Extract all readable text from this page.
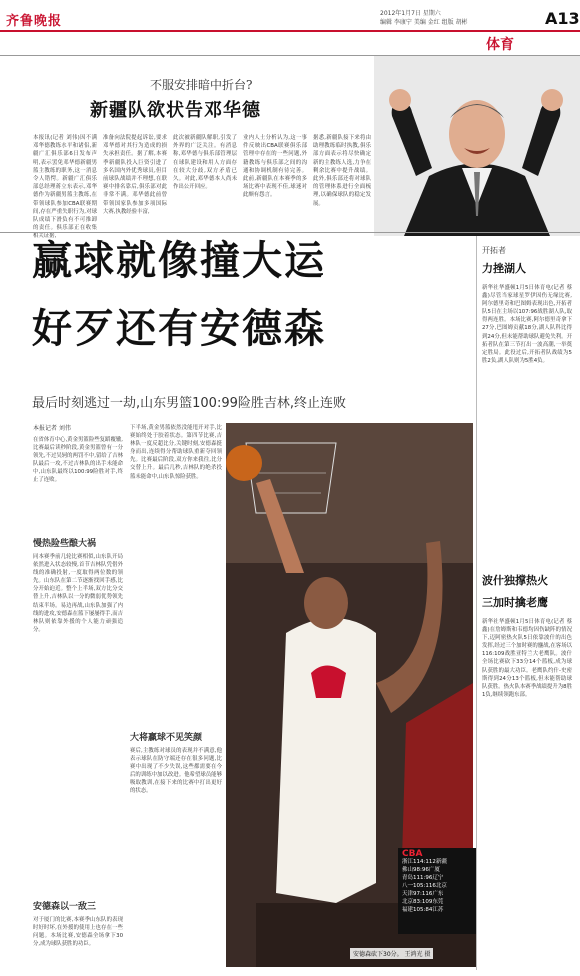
齐鲁晚报
2012年1月7日 星期六
编辑 李康宁 美编 金红 组版 胡彬	A13
体育
不服安排暗中折台?
新疆队欲状告邓华德
本报讯(记者 刘伟)因不满邓华德教练水平和诸侣,新疆广汇俱乐部6日发布声明,表示罢免邓华德新疆男篮主教练的职务,这一消息令人错愕。新疆广汇俱乐部总经理蒋立东表示,邓华德作为新疆男篮主教练,在带领球队参加CBA联赛期间,存在严重失职行为,对球队成绩下滑负有不可推卸的责任。俱乐部正在收集相关证据,
准备向法院提起诉讼,要求邓华德对其行为造成的损失承担责任。据了解,本赛季新疆队投入巨资引进了多名国内外优秀球员,但目前球队战绩并不理想,在联赛中排名靠后,俱乐部对此非常不满。邓华德此前曾带领国家队参加多项国际大赛,执教经验丰富,
此次被新疆队解职,引发了外界的广泛关注。有消息称,邓华德与俱乐部管理层在球队建设和用人方面存在较大分歧,双方矛盾已久。对此,邓华德本人尚未作出公开回应。
业内人士分析认为,这一事件反映出CBA联赛俱乐部管理中存在的一些问题,外籍教练与俱乐部之间的沟通和协调机制有待完善。此前,新疆队在本赛季的多场比赛中表现不佳,球迷对此颇有怨言。
据悉,新疆队接下来将由助理教练临时执教,俱乐部方面表示将尽快确定新的主教练人选,力争在剩余比赛中提升战绩。此外,俱乐部还将对球队的管理体系进行全面梳理,以确保球队的稳定发展。
赢球就像撞大运
好歹还有安德森
最后时刻逃过一劫,山东男篮100:99险胜吉林,终止连败
本报记者 刘伟
在省体育中心,黄金男篮险些复蹈覆辙,比赛最后读秒阶段,黄金男篮曾有一分领先,不过吴轲的两罚不中,留给了吉林队最后一攻,不过吉林队的出手未能命中,山东队最终以100:99险胜对手,终止了连败。
慢热险些酿大祸
同本赛季前几轮比赛相似,山东队开局依然进入状态较慢,首节吉林队凭借外线的准确投射,一度取得两位数的领先。山东队在第二节逐渐找回手感,比分开始迫近。整个上半场,双方比分交替上升,吉林队以一分的微弱优势领先结束半场。易边再战,山东队加强了内线的进攻,安德森在篮下屡屡得手,而吉林队则依靠外援的个人能力顽强追分。
安德森以一敌三
对于厦门的比赛,本赛季山东队的表现时好时坏,在外援的使用上也存在一些问题。本场比赛,安德森全场拿下30分,成为球队获胜的功臣。
下半场,黄金男篮依然没能甩开对手,比赛始终处于胶着状态。第四节比赛,吉林队一度反超比分,关键时刻,安德森挺身而出,连续得分帮助球队重新夺回领先。比赛最后阶段,双方你来我往,比分交替上升。最后几秒,吉林队的绝杀投篮未能命中,山东队惊险获胜。
大将赢球不见笑颜
赛后,主教练对球员的表现并不满意,他表示球队在防守端还存在很多问题,比赛中出现了不少失误,这些都需要在今后的训练中加以改进。他希望球员能够吸取教训,在接下来的比赛中打出更好的状态。
CBA
浙江114:112新疆
佛山98:96广厦
青岛111:96辽宁
八一105:116北京
天津97:116广东
北京83:109东莞
福建105:84江苏
安德森砍下30分。 王鸿光 摄
开拓者
力挫湖人
新华社华盛顿1月5日体育电(记者 蔡鑫)尽管当家球星罗伊因伤无缘比赛,阿尔德里奇和巴图姆表现出色,开拓者队5日在主场以107:96战胜湖人队,取得两连胜。本场比赛,阿尔德里奇拿下27分,巴图姆贡献18分,湖人队科比得到24分,但未能帮助球队避免失利。开拓者队在第三节打出一波高潮,一举奠定胜局。此役过后,开拓者队战绩为5胜2负,湖人队则为5胜4负。
波什独撑热火
三加时擒老鹰
新华社华盛顿1月5日体育电(记者 蔡鑫)在詹姆斯和韦德均因伤缺阵的情况下,迈阿密热火队5日依靠波什的出色发挥,经过三个加时赛的鏖战,在客场以116:109战胜亚特兰大老鹰队。波什全场比赛砍下33分14个篮板,成为球队获胜的最大功臣。老鹰队约什-史密斯得到24分13个篮板,但未能帮助球队获胜。热火队本赛季战绩提升为8胜1负,继续领跑东部。
